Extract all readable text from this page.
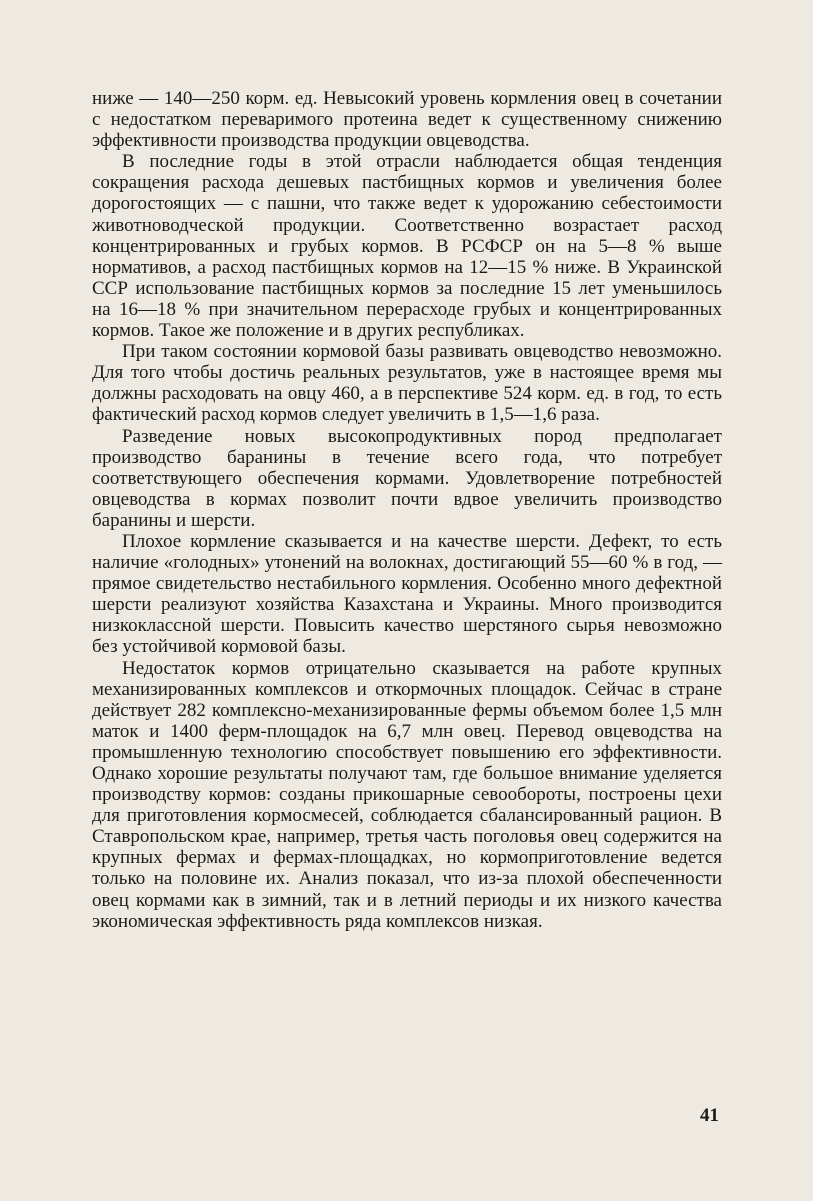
ниже — 140—250 корм. ед. Невысокий уровень кормления овец в сочетании с недостатком переваримого протеина ведет к существенному снижению эффективности производства продукции овцеводства.

В последние годы в этой отрасли наблюдается общая тенденция сокращения расхода дешевых пастбищных кормов и увеличения более дорогостоящих — с пашни, что также ведет к удорожанию себестоимости животноводческой продукции. Соответственно возрастает расход концентрированных и грубых кормов. В РСФСР он на 5—8 % выше нормативов, а расход пастбищных кормов на 12—15 % ниже. В Украинской ССР использование пастбищных кормов за последние 15 лет уменьшилось на 16—18 % при значительном перерасходе грубых и концентрированных кормов. Такое же положение и в других республиках.

При таком состоянии кормовой базы развивать овцеводство невозможно. Для того чтобы достичь реальных результатов, уже в настоящее время мы должны расходовать на овцу 460, а в перспективе 524 корм. ед. в год, то есть фактический расход кормов следует увеличить в 1,5—1,6 раза.

Разведение новых высокопродуктивных пород предполагает производство баранины в течение всего года, что потребует соответствующего обеспечения кормами. Удовлетворение потребностей овцеводства в кормах позволит почти вдвое увеличить производство баранины и шерсти.

Плохое кормление сказывается и на качестве шерсти. Дефект, то есть наличие «голодных» утонений на волокнах, достигающий 55—60 % в год, — прямое свидетельство нестабильного кормления. Особенно много дефектной шерсти реализуют хозяйства Казахстана и Украины. Много производится низкоклассной шерсти. Повысить качество шерстяного сырья невозможно без устойчивой кормовой базы.

Недостаток кормов отрицательно сказывается на работе крупных механизированных комплексов и откормочных площадок. Сейчас в стране действует 282 комплексно-механизированные фермы объемом более 1,5 млн маток и 1400 ферм-площадок на 6,7 млн овец. Перевод овцеводства на промышленную технологию способствует повышению его эффективности. Однако хорошие результаты получают там, где большое внимание уделяется производству кормов: созданы прикошарные севообороты, построены цехи для приготовления кормосмесей, соблюдается сбалансированный рацион. В Ставропольском крае, например, третья часть поголовья овец содержится на крупных фермах и фермах-площадках, но кормоприготовление ведется только на половине их. Анализ показал, что из-за плохой обеспеченности овец кормами как в зимний, так и в летний периоды и их низкого качества экономическая эффективность ряда комплексов низкая.

41
